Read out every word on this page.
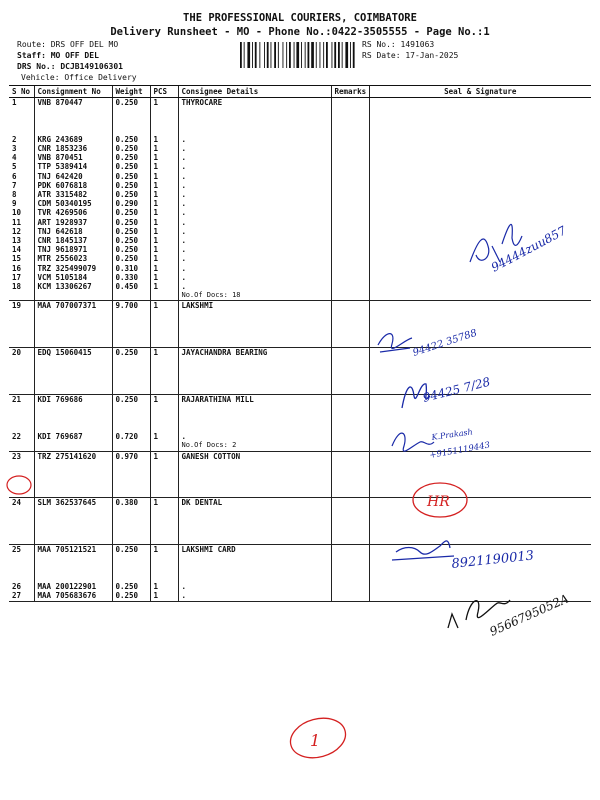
THE PROFESSIONAL COURIERS, COIMBATORE
Delivery Runsheet - MO - Phone No.:0422-3505555 - Page No.:1
Route: DRS OFF DEL MO
Staff: MO OFF DEL
DRS No.: DCJB149106301
Vehicle: Office Delivery
RS No.: 1491063
RS Date: 17-Jan-2025
S No	Consignment No	Weight	PCS	Consignee Details	Remarks	Seal & Signature
1	VNB 870447	0.250	1	THYROCARE		

2	KRG 243689	0.250	1	.		
3	CNR 1853236	0.250	1	.		
4	VNB 870451	0.250	1	.		
5	TTP 5389414	0.250	1	.		
6	TNJ 642420	0.250	1	.		
7	PDK 6076818	0.250	1	.		
8	ATR 3315482	0.250	1	.		
9	CDM 50340195	0.290	1	.		
10	TVR 4269506	0.250	1	.		
11	ART 1928937	0.250	1	.		
12	TNJ 642618	0.250	1	.		
13	CNR 1845137	0.250	1	.		
14	TNJ 9618971	0.250	1	.		
15	MTR 2556023	0.250	1	.		
16	TRZ 325499079	0.310	1	.		
17	VCM 5105184	0.330	1	.		
18	KCM 13306267	0.450	1	.		
				No.Of Docs: 18		
19	MAA 707007371	9.700	1	LAKSHMI		

20	EDQ 15060415	0.250	1	JAYACHANDRA BEARING		

21	KDI 769686	0.250	1	RAJARATHINA MILL		

22	KDI 769687	0.720	1	.		
				No.Of Docs: 2		
23	TRZ 275141620	0.970	1	GANESH COTTON		

24	SLM 362537645	0.380	1	DK DENTAL		

25	MAA 705121521	0.250	1	LAKSHMI CARD		

26	MAA 200122901	0.250	1	.		
27	MAA 705683676	0.250	1	.		
94444zuu857
94422 35788
94425 7/28
K.Prakash
+9151119443
HR
8921190013
9566795052A
1
